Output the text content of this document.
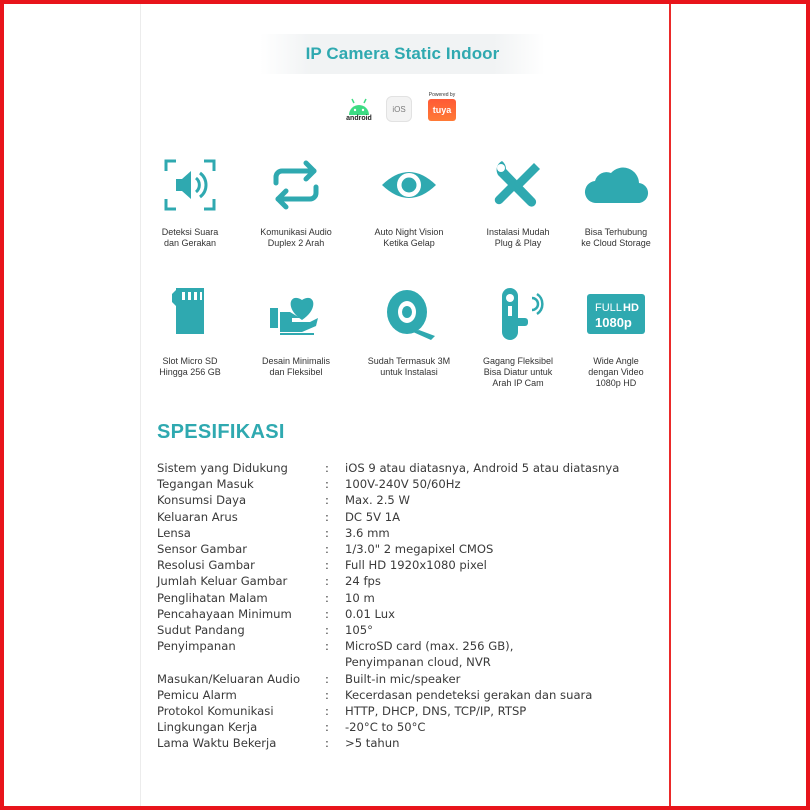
IP Camera Static Indoor
android
iOS
Powered by
tuya
Deteksi Suara
dan Gerakan
Komunikasi Audio
Duplex 2 Arah
Auto Night Vision
Ketika Gelap
Instalasi Mudah
Plug & Play
Bisa Terhubung
ke Cloud Storage
Slot Micro SD
Hingga 256 GB
Desain Minimalis
dan Fleksibel
Sudah Termasuk 3M
untuk Instalasi
Gagang Fleksibel
Bisa Diatur untuk
Arah IP Cam
FULL HD
1080p
Wide Angle
dengan Video
1080p HD
SPESIFIKASI
Sistem yang Didukung	:	iOS 9 atau diatasnya, Android 5 atau diatasnya
Tegangan Masuk	:	100V-240V 50/60Hz
Konsumsi Daya	:	Max. 2.5 W
Keluaran Arus	:	DC 5V 1A
Lensa	:	3.6 mm
Sensor Gambar	:	1/3.0" 2 megapixel CMOS
Resolusi Gambar	:	Full HD 1920x1080 pixel
Jumlah Keluar Gambar	:	24 fps
Penglihatan Malam	:	10 m
Pencahayaan Minimum	:	0.01 Lux
Sudut Pandang	:	105°
Penyimpanan	:	MicroSD card (max. 256 GB),
Penyimpanan cloud, NVR
Masukan/Keluaran Audio	:	Built-in mic/speaker
Pemicu Alarm	:	Kecerdasan pendeteksi gerakan dan suara
Protokol Komunikasi	:	HTTP, DHCP, DNS, TCP/IP, RTSP
Lingkungan Kerja	:	-20°C to 50°C
Lama Waktu Bekerja	:	>5 tahun
